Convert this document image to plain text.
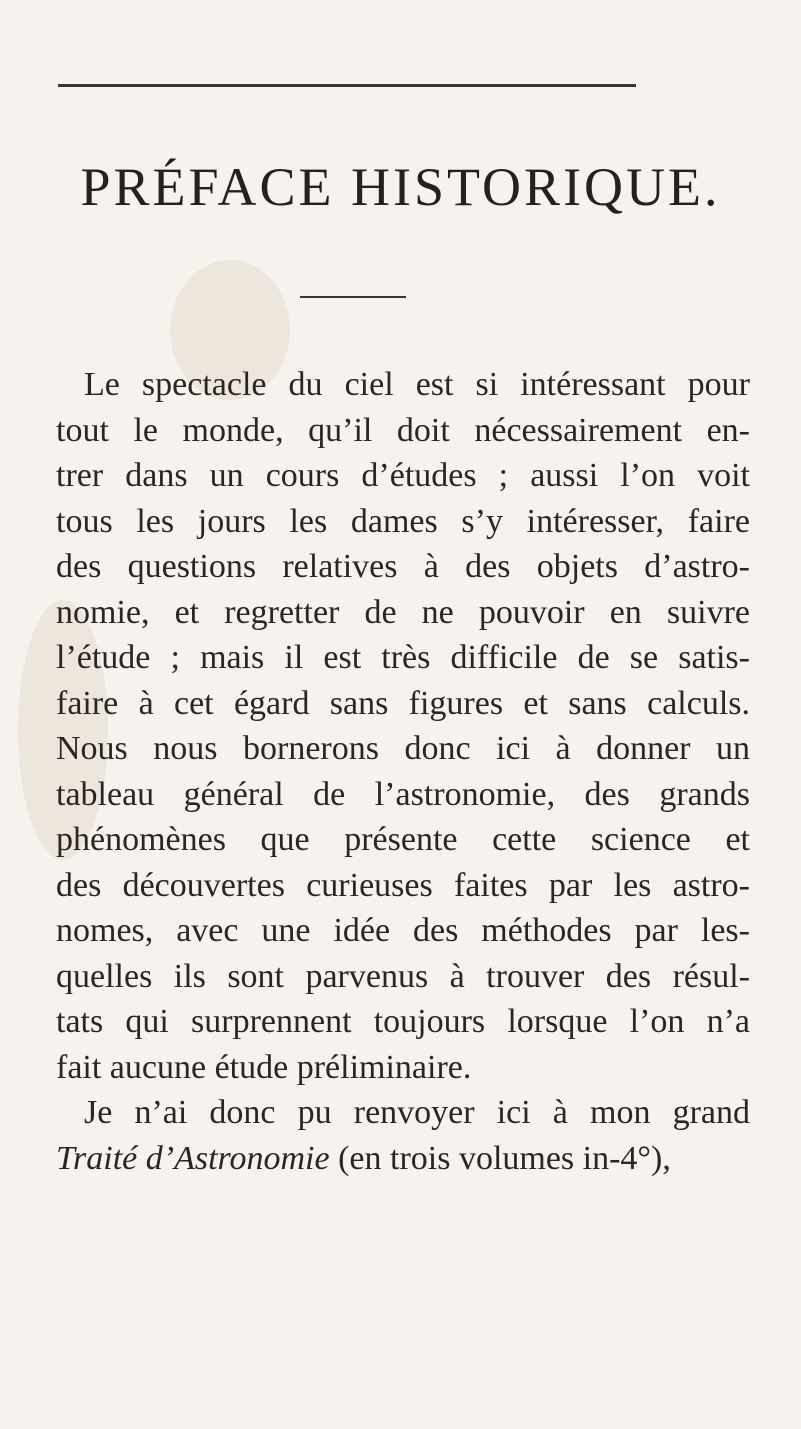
PRÉFACE HISTORIQUE.
Le spectacle du ciel est si intéressant pour
tout le monde, qu’il doit nécessairement en-
trer dans un cours d’études ; aussi l’on voit
tous les jours les dames s’y intéresser, faire
des questions relatives à des objets d’astro-
nomie, et regretter de ne pouvoir en suivre
l’étude ; mais il est très difficile de se satis-
faire à cet égard sans figures et sans calculs.
Nous nous bornerons donc ici à donner un
tableau général de l’astronomie, des grands
phénomènes que présente cette science et
des découvertes curieuses faites par les astro-
nomes, avec une idée des méthodes par les-
quelles ils sont parvenus à trouver des résul-
tats qui surprennent toujours lorsque l’on n’a
fait aucune étude préliminaire.
Je n’ai donc pu renvoyer ici à mon grand
Traité d’Astronomie (en trois volumes in-4°),
